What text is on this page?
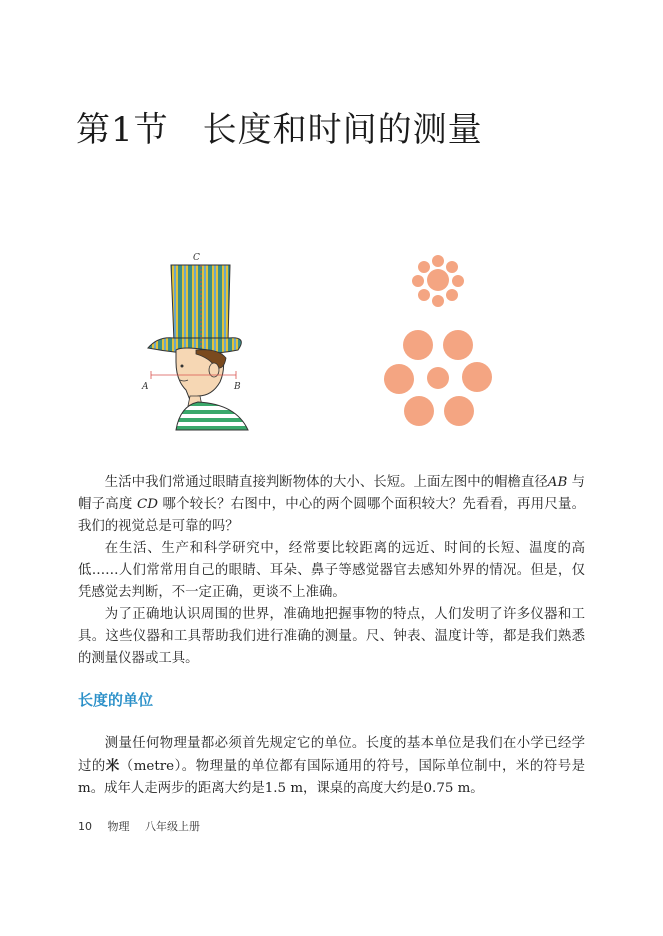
第1节 长度和时间的测量
C
A	B

生活中我们常通过眼睛直接判断物体的大小、长短。上面左图中的帽檐直径AB 与帽子高度 CD 哪个较长？右图中，中心的两个圆哪个面积较大？先看看，再用尺量。我们的视觉总是可靠的吗？

在生活、生产和科学研究中，经常要比较距离的远近、时间的长短、温度的高低……人们常常用自己的眼睛、耳朵、鼻子等感觉器官去感知外界的情况。但是，仅凭感觉去判断，不一定正确，更谈不上准确。

为了正确地认识周围的世界，准确地把握事物的特点，人们发明了许多仪器和工具。这些仪器和工具帮助我们进行准确的测量。尺、钟表、温度计等，都是我们熟悉的测量仪器或工具。

长度的单位

测量任何物理量都必须首先规定它的单位。长度的基本单位是我们在小学已经学过的米（metre）。物理量的单位都有国际通用的符号，国际单位制中，米的符号是m。成年人走两步的距离大约是1.5 m，课桌的高度大约是0.75 m。

10 物理 八年级上册
